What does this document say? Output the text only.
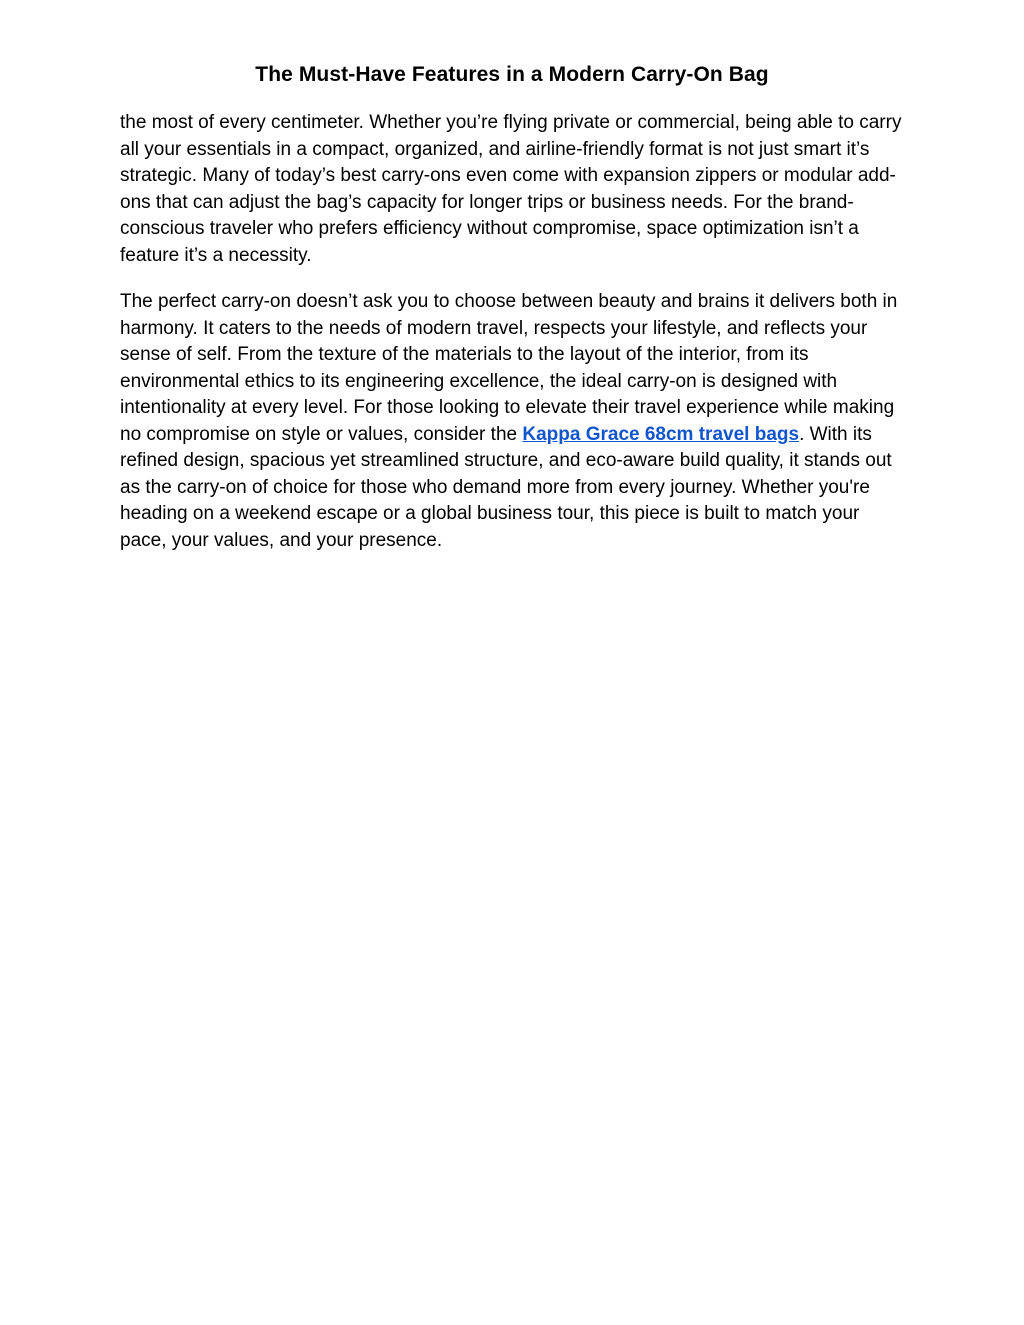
The Must-Have Features in a Modern Carry-On Bag

the most of every centimeter. Whether you’re flying private or commercial, being able to carry all your essentials in a compact, organized, and airline-friendly format is not just smart it’s strategic. Many of today’s best carry-ons even come with expansion zippers or modular add-ons that can adjust the bag’s capacity for longer trips or business needs. For the brand-conscious traveler who prefers efficiency without compromise, space optimization isn’t a feature it’s a necessity.

The perfect carry-on doesn’t ask you to choose between beauty and brains it delivers both in harmony. It caters to the needs of modern travel, respects your lifestyle, and reflects your sense of self. From the texture of the materials to the layout of the interior, from its environmental ethics to its engineering excellence, the ideal carry-on is designed with intentionality at every level. For those looking to elevate their travel experience while making no compromise on style or values, consider the Kappa Grace 68cm travel bags. With its refined design, spacious yet streamlined structure, and eco-aware build quality, it stands out as the carry-on of choice for those who demand more from every journey. Whether you're heading on a weekend escape or a global business tour, this piece is built to match your pace, your values, and your presence.
